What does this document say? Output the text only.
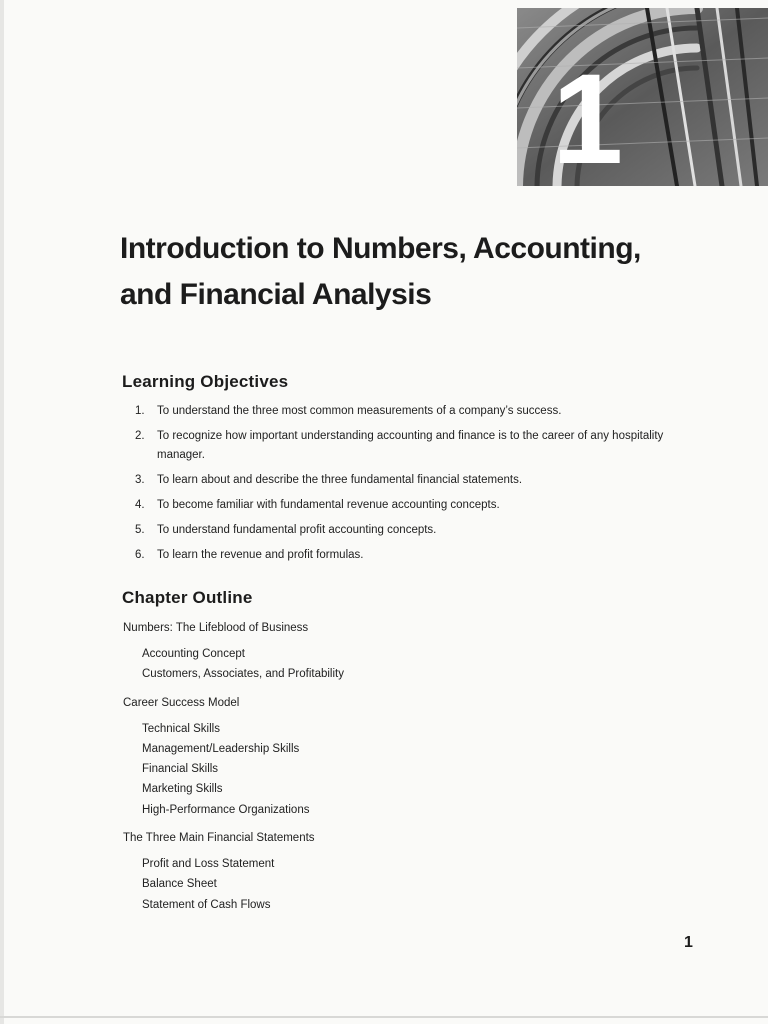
1
Introduction to Numbers, Accounting,
and Financial Analysis
Learning Objectives
1.	To understand the three most common measurements of a company’s success.
2.	To recognize how important understanding accounting and finance is to the career of any hospitality manager.
3.	To learn about and describe the three fundamental financial statements.
4.	To become familiar with fundamental revenue accounting concepts.
5.	To understand fundamental profit accounting concepts.
6.	To learn the revenue and profit formulas.
Chapter Outline
Numbers: The Lifeblood of Business
Accounting Concept
Customers, Associates, and Profitability
Career Success Model
Technical Skills
Management/Leadership Skills
Financial Skills
Marketing Skills
High-Performance Organizations
The Three Main Financial Statements
Profit and Loss Statement
Balance Sheet
Statement of Cash Flows
1
